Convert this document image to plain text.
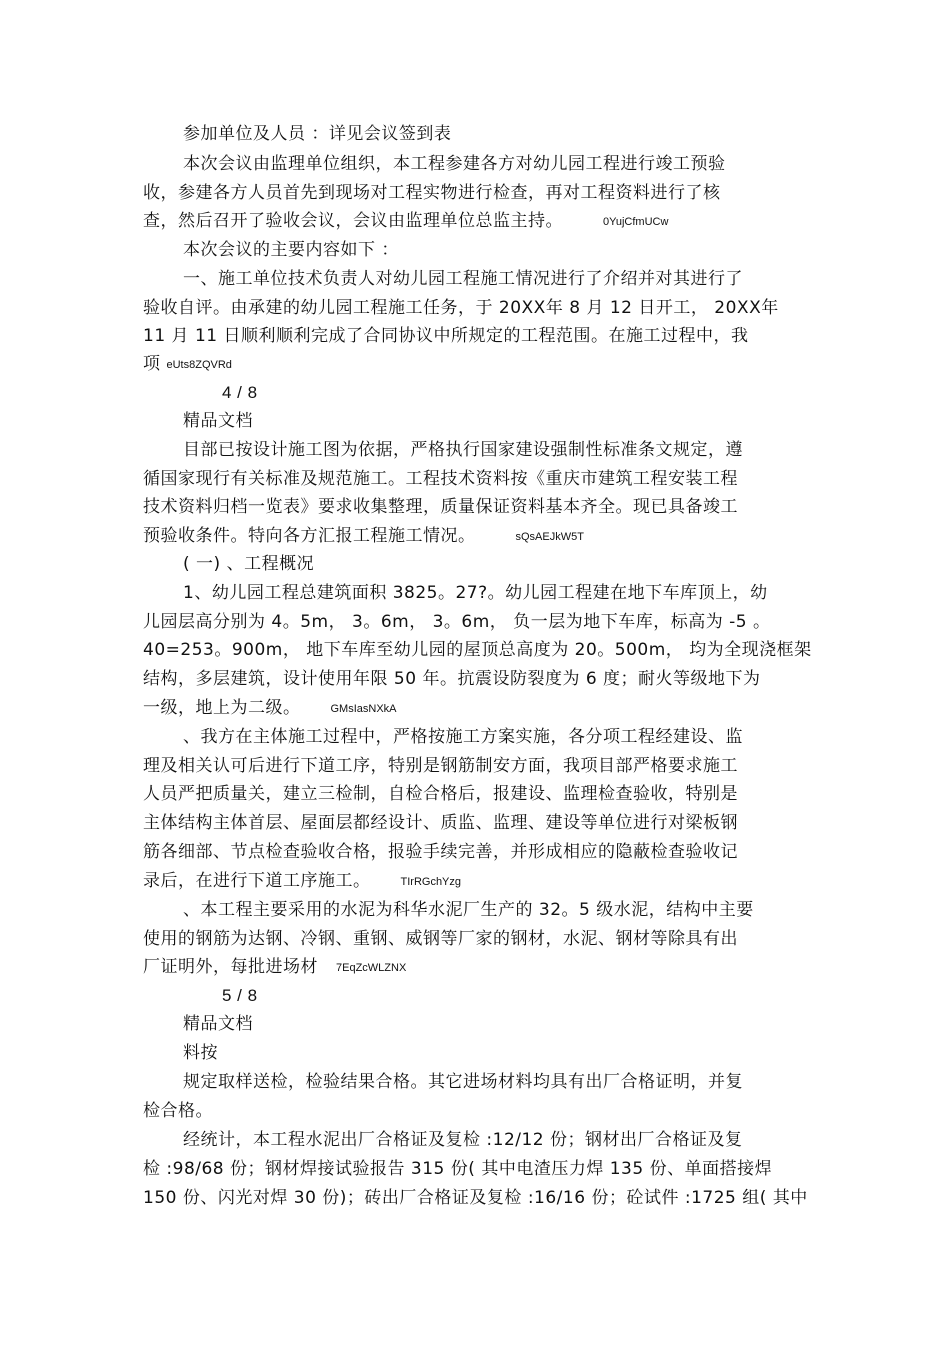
参加单位及人员 ：详见会议签到表
本次会议由监理单位组织，本工程参建各方对幼儿园工程进行竣工预验
收，参建各方人员首先到现场对工程实物进行检查，再对工程资料进行了核
查，然后召开了验收会议，会议由监理单位总监主持。	0YujCfmUCw
本次会议的主要内容如下 ：
一、施工单位技术负责人对幼儿园工程施工情况进行了介绍并对其进行了
验收自评。由承建的幼儿园工程施工任务，于 20XX年 8 月 12 日开工， 20XX年
11 月 11 日顺利顺利完成了合同协议中所规定的工程范围。在施工过程中，我
项eUts8ZQVRd
4 / 8
精品文档
目部已按设计施工图为依据，严格执行国家建设强制性标准条文规定，遵
循国家现行有关标准及规范施工。工程技术资料按《重庆市建筑工程安装工程
技术资料归档一览表》要求收集整理，质量保证资料基本齐全。现已具备竣工
预验收条件。特向各方汇报工程施工情况。	sQsAEJkW5T
( 一) 、工程概况
1、幼儿园工程总建筑面积 3825。27?。幼儿园工程建在地下车库顶上，幼
儿园层高分别为 4。5m， 3。6m， 3。6m， 负一层为地下车库，标高为 -5 。
40=253。900m， 地下车库至幼儿园的屋顶总高度为 20。500m， 均为全现浇框架
结构，多层建筑，设计使用年限 50 年。抗震设防裂度为 6 度；耐火等级地下为
一级，地上为二级。	GMsIasNXkA
、我方在主体施工过程中，严格按施工方案实施，各分项工程经建设、监
理及相关认可后进行下道工序，特别是钢筋制安方面，我项目部严格要求施工
人员严把质量关，建立三检制，自检合格后，报建设、监理检查验收，特别是
主体结构主体首层、屋面层都经设计、质监、监理、建设等单位进行对梁板钢
筋各细部、节点检查验收合格，报验手续完善，并形成相应的隐蔽检查验收记
录后，在进行下道工序施工。	TIrRGchYzg
、本工程主要采用的水泥为科华水泥厂生产的 32。5 级水泥，结构中主要
使用的钢筋为达钢、冷钢、重钢、威钢等厂家的钢材，水泥、钢材等除具有出
厂证明外，每批进场材 7EqZcWLZNX
5 / 8
精品文档
料按
规定取样送检，检验结果合格。其它进场材料均具有出厂合格证明，并复
检合格。
经统计，本工程水泥出厂合格证及复检 :12/12 份；钢材出厂合格证及复
检 :98/68 份；钢材焊接试验报告 315 份( 其中电渣压力焊 135 份、单面搭接焊
150 份、闪光对焊 30 份)；砖出厂合格证及复检 :16/16 份；砼试件 :1725 组( 其中
